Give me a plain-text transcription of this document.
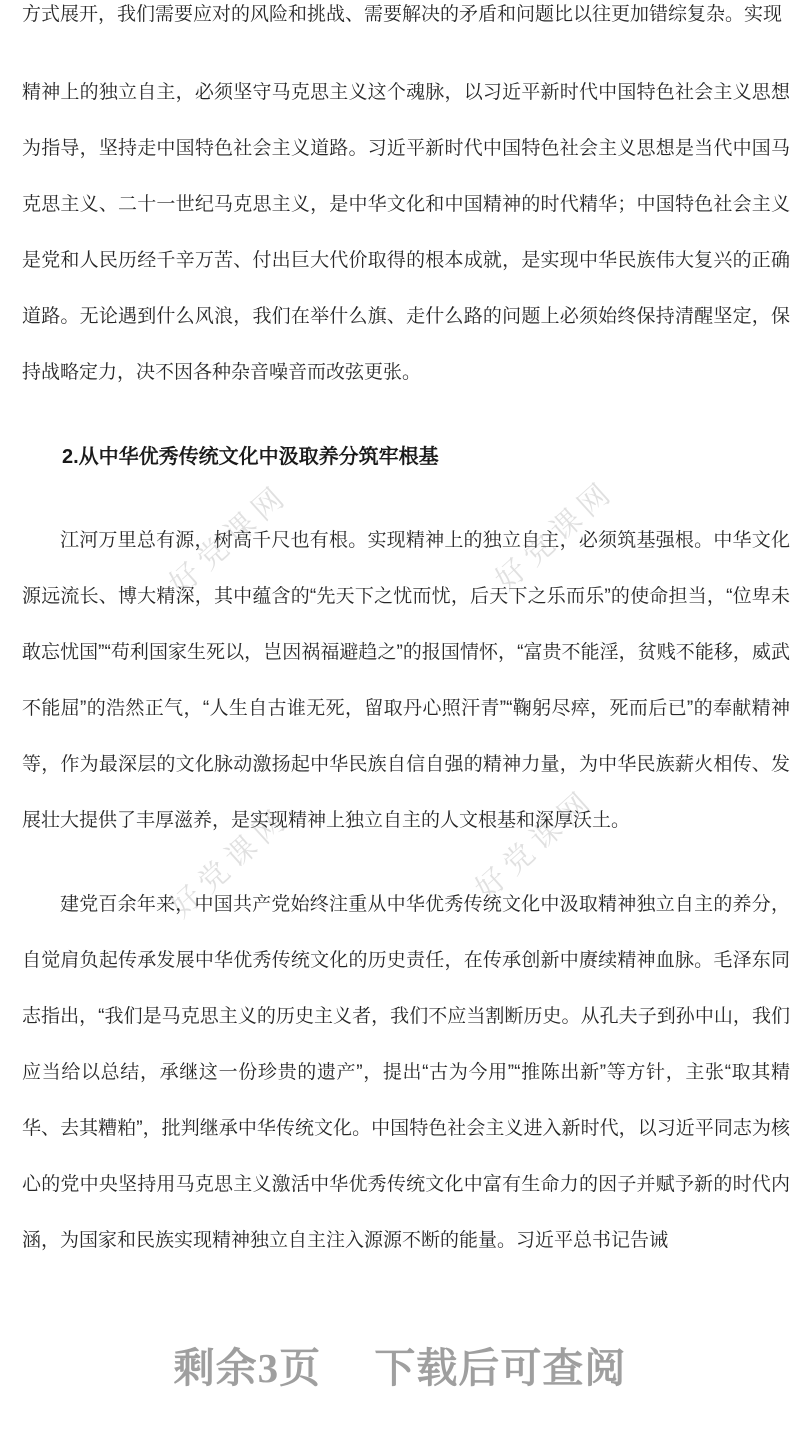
好党课网	好党课网
好党课网	好党课网

方式展开，我们需要应对的风险和挑战、需要解决的矛盾和问题比以往更加错综复杂。实现

精神上的独立自主，必须坚守马克思主义这个魂脉，以习近平新时代中国特色社会主义思想为指导，坚持走中国特色社会主义道路。习近平新时代中国特色社会主义思想是当代中国马克思主义、二十一世纪马克思主义，是中华文化和中国精神的时代精华；中国特色社会主义是党和人民历经千辛万苦、付出巨大代价取得的根本成就，是实现中华民族伟大复兴的正确道路。无论遇到什么风浪，我们在举什么旗、走什么路的问题上必须始终保持清醒坚定，保持战略定力，决不因各种杂音噪音而改弦更张。

2.从中华优秀传统文化中汲取养分筑牢根基

江河万里总有源，树高千尺也有根。实现精神上的独立自主，必须筑基强根。中华文化源远流长、博大精深，其中蕴含的“先天下之忧而忧，后天下之乐而乐”的使命担当，“位卑未敢忘忧国”“苟利国家生死以，岂因祸福避趋之”的报国情怀，“富贵不能淫，贫贱不能移，威武不能屈”的浩然正气，“人生自古谁无死，留取丹心照汗青”“鞠躬尽瘁，死而后已”的奉献精神等，作为最深层的文化脉动激扬起中华民族自信自强的精神力量，为中华民族薪火相传、发展壮大提供了丰厚滋养，是实现精神上独立自主的人文根基和深厚沃土。

建党百余年来，中国共产党始终注重从中华优秀传统文化中汲取精神独立自主的养分，自觉肩负起传承发展中华优秀传统文化的历史责任，在传承创新中赓续精神血脉。毛泽东同志指出，“我们是马克思主义的历史主义者，我们不应当割断历史。从孔夫子到孙中山，我们应当给以总结，承继这一份珍贵的遗产”，提出“古为今用”“推陈出新”等方针，主张“取其精华、去其糟粕”，批判继承中华传统文化。中国特色社会主义进入新时代，以习近平同志为核心的党中央坚持用马克思主义激活中华优秀传统文化中富有生命力的因子并赋予新的时代内涵，为国家和民族实现精神独立自主注入源源不断的能量。习近平总书记告诫

剩余3页　 下载后可查阅
